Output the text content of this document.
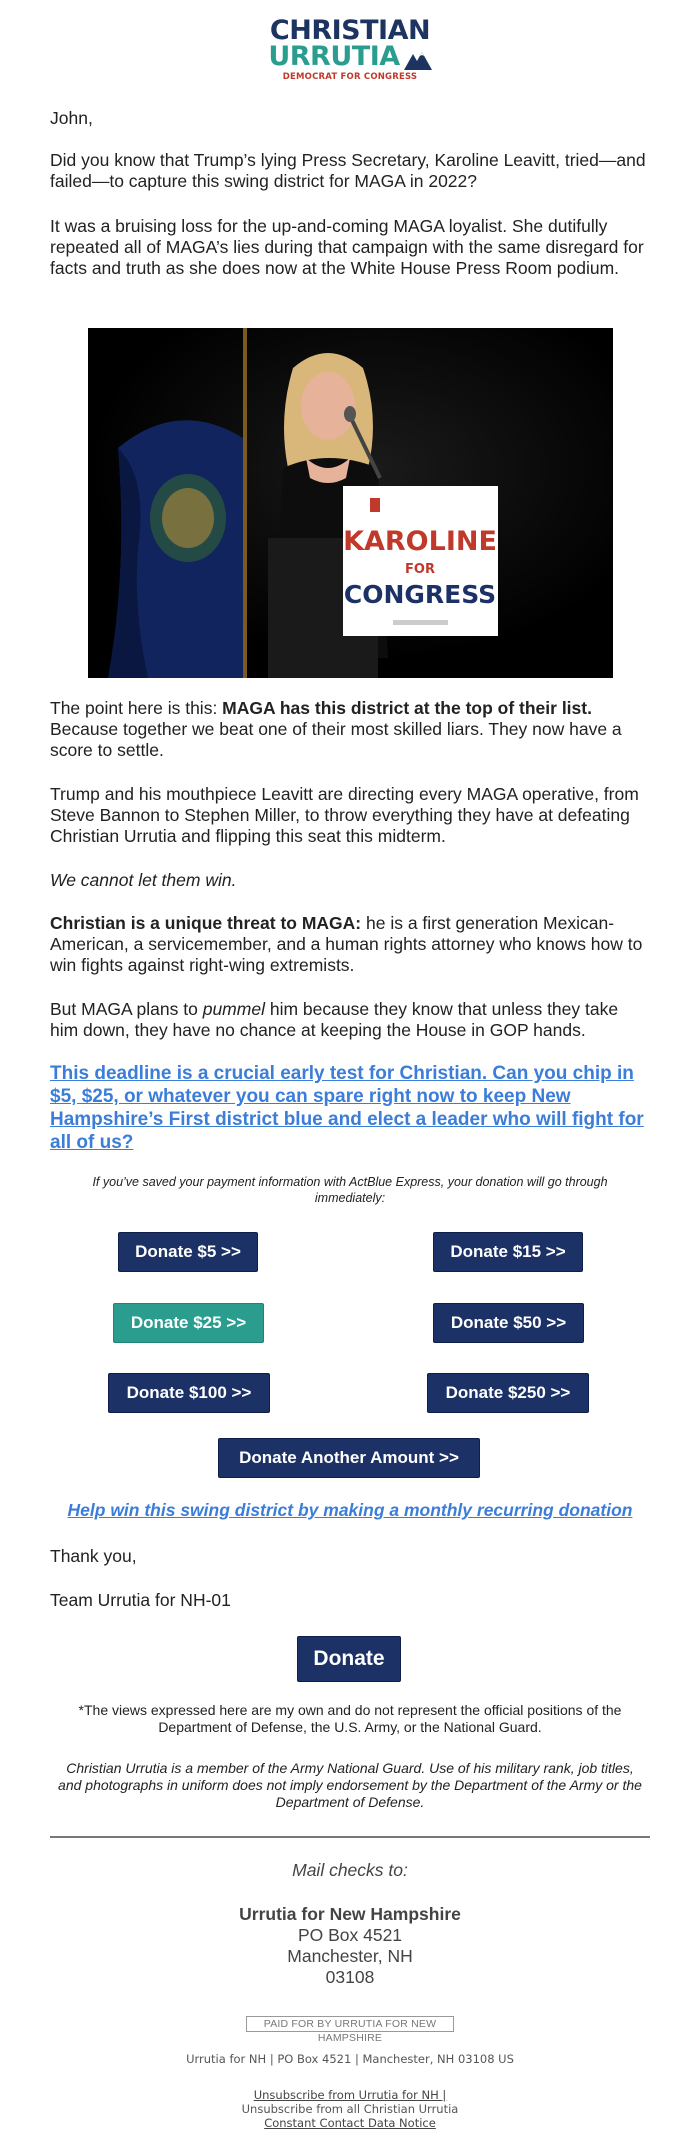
CHRISTIAN
URRUTIA
DEMOCRAT FOR CONGRESS
John,
Did you know that Trump’s lying Press Secretary, Karoline Leavitt, tried—and failed—to capture this swing district for MAGA in 2022?
It was a bruising loss for the up-and-coming MAGA loyalist. She dutifully repeated all of MAGA’s lies during that campaign with the same disregard for facts and truth as she does now at the White House Press Room podium.
KAROLINE
FOR
CONGRESS
The point here is this: MAGA has this district at the top of their list. Because together we beat one of their most skilled liars. They now have a score to settle.
Trump and his mouthpiece Leavitt are directing every MAGA operative, from Steve Bannon to Stephen Miller, to throw everything they have at defeating Christian Urrutia and flipping this seat this midterm.
We cannot let them win.
Christian is a unique threat to MAGA: he is a first generation Mexican-American, a servicemember, and a human rights attorney who knows how to win fights against right-wing extremists.
But MAGA plans to pummel him because they know that unless they take him down, they have no chance at keeping the House in GOP hands.
This deadline is a crucial early test for Christian. Can you chip in $5, $25, or whatever you can spare right now to keep New Hampshire’s First district blue and elect a leader who will fight for all of us?
If you’ve saved your payment information with ActBlue Express, your donation will go through immediately:
Donate $5 >>	Donate $15 >>
Donate $25 >>	Donate $50 >>
Donate $100 >>	Donate $250 >>
Donate Another Amount >>
Help win this swing district by making a monthly recurring donation
Thank you,
Team Urrutia for NH-01
Donate
*The views expressed here are my own and do not represent the official positions of the Department of Defense, the U.S. Army, or the National Guard.
Christian Urrutia is a member of the Army National Guard. Use of his military rank, job titles, and photographs in uniform does not imply endorsement by the Department of the Army or the Department of Defense.
Mail checks to:
Urrutia for New Hampshire
PO Box 4521
Manchester, NH
03108
PAID FOR BY URRUTIA FOR NEW HAMPSHIRE
Urrutia for NH | PO Box 4521 | Manchester, NH 03108 US
Unsubscribe from Urrutia for NH |
Unsubscribe from all Christian Urrutia
Constant Contact Data Notice
